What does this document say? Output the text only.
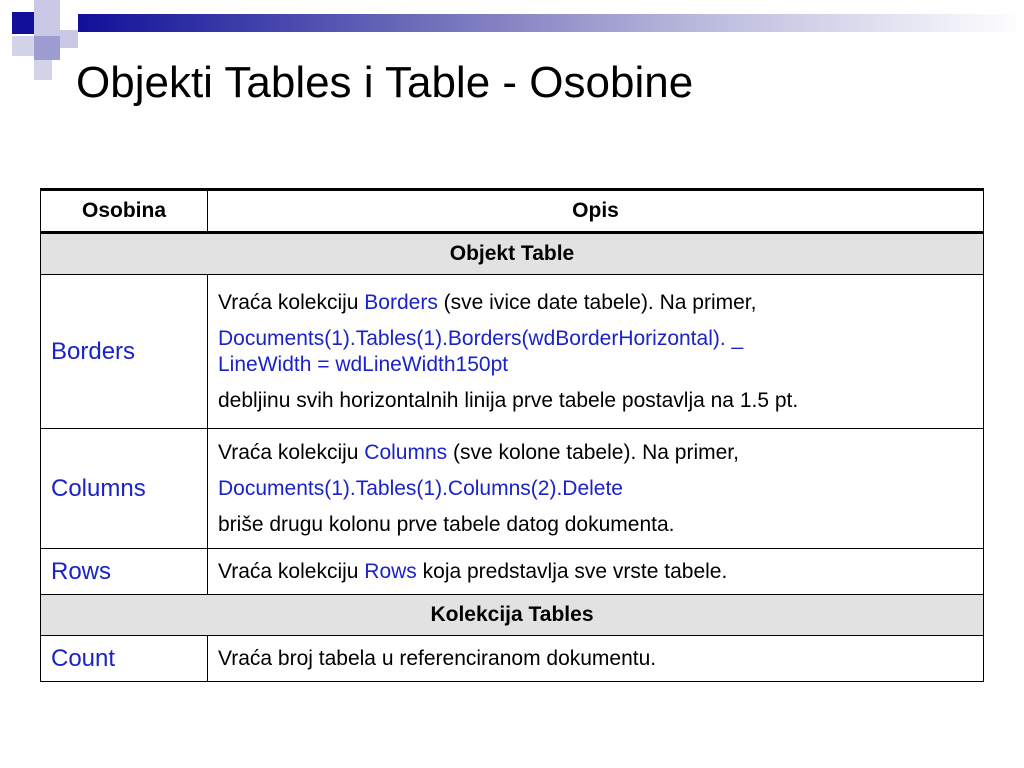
Objekti Tables i Table - Osobine
Osobina	Opis
Objekt Table	
Borders	Vraća kolekciju Borders (sve ivice date tabele). Na primer,

Documents(1).Tables(1).Borders(wdBorderHorizontal). _
LineWidth = wdLineWidth150pt

debljinu svih horizontalnih linija prve tabele postavlja na 1.5 pt.

Columns	Vraća kolekciju Columns (sve kolone tabele). Na primer,

Documents(1).Tables(1).Columns(2).Delete

briše drugu kolonu prve tabele datog dokumenta.

Rows	Vraća kolekciju Rows koja predstavlja sve vrste tabele.
Kolekcija Tables	
Count	Vraća broj tabela u referenciranom dokumentu.
